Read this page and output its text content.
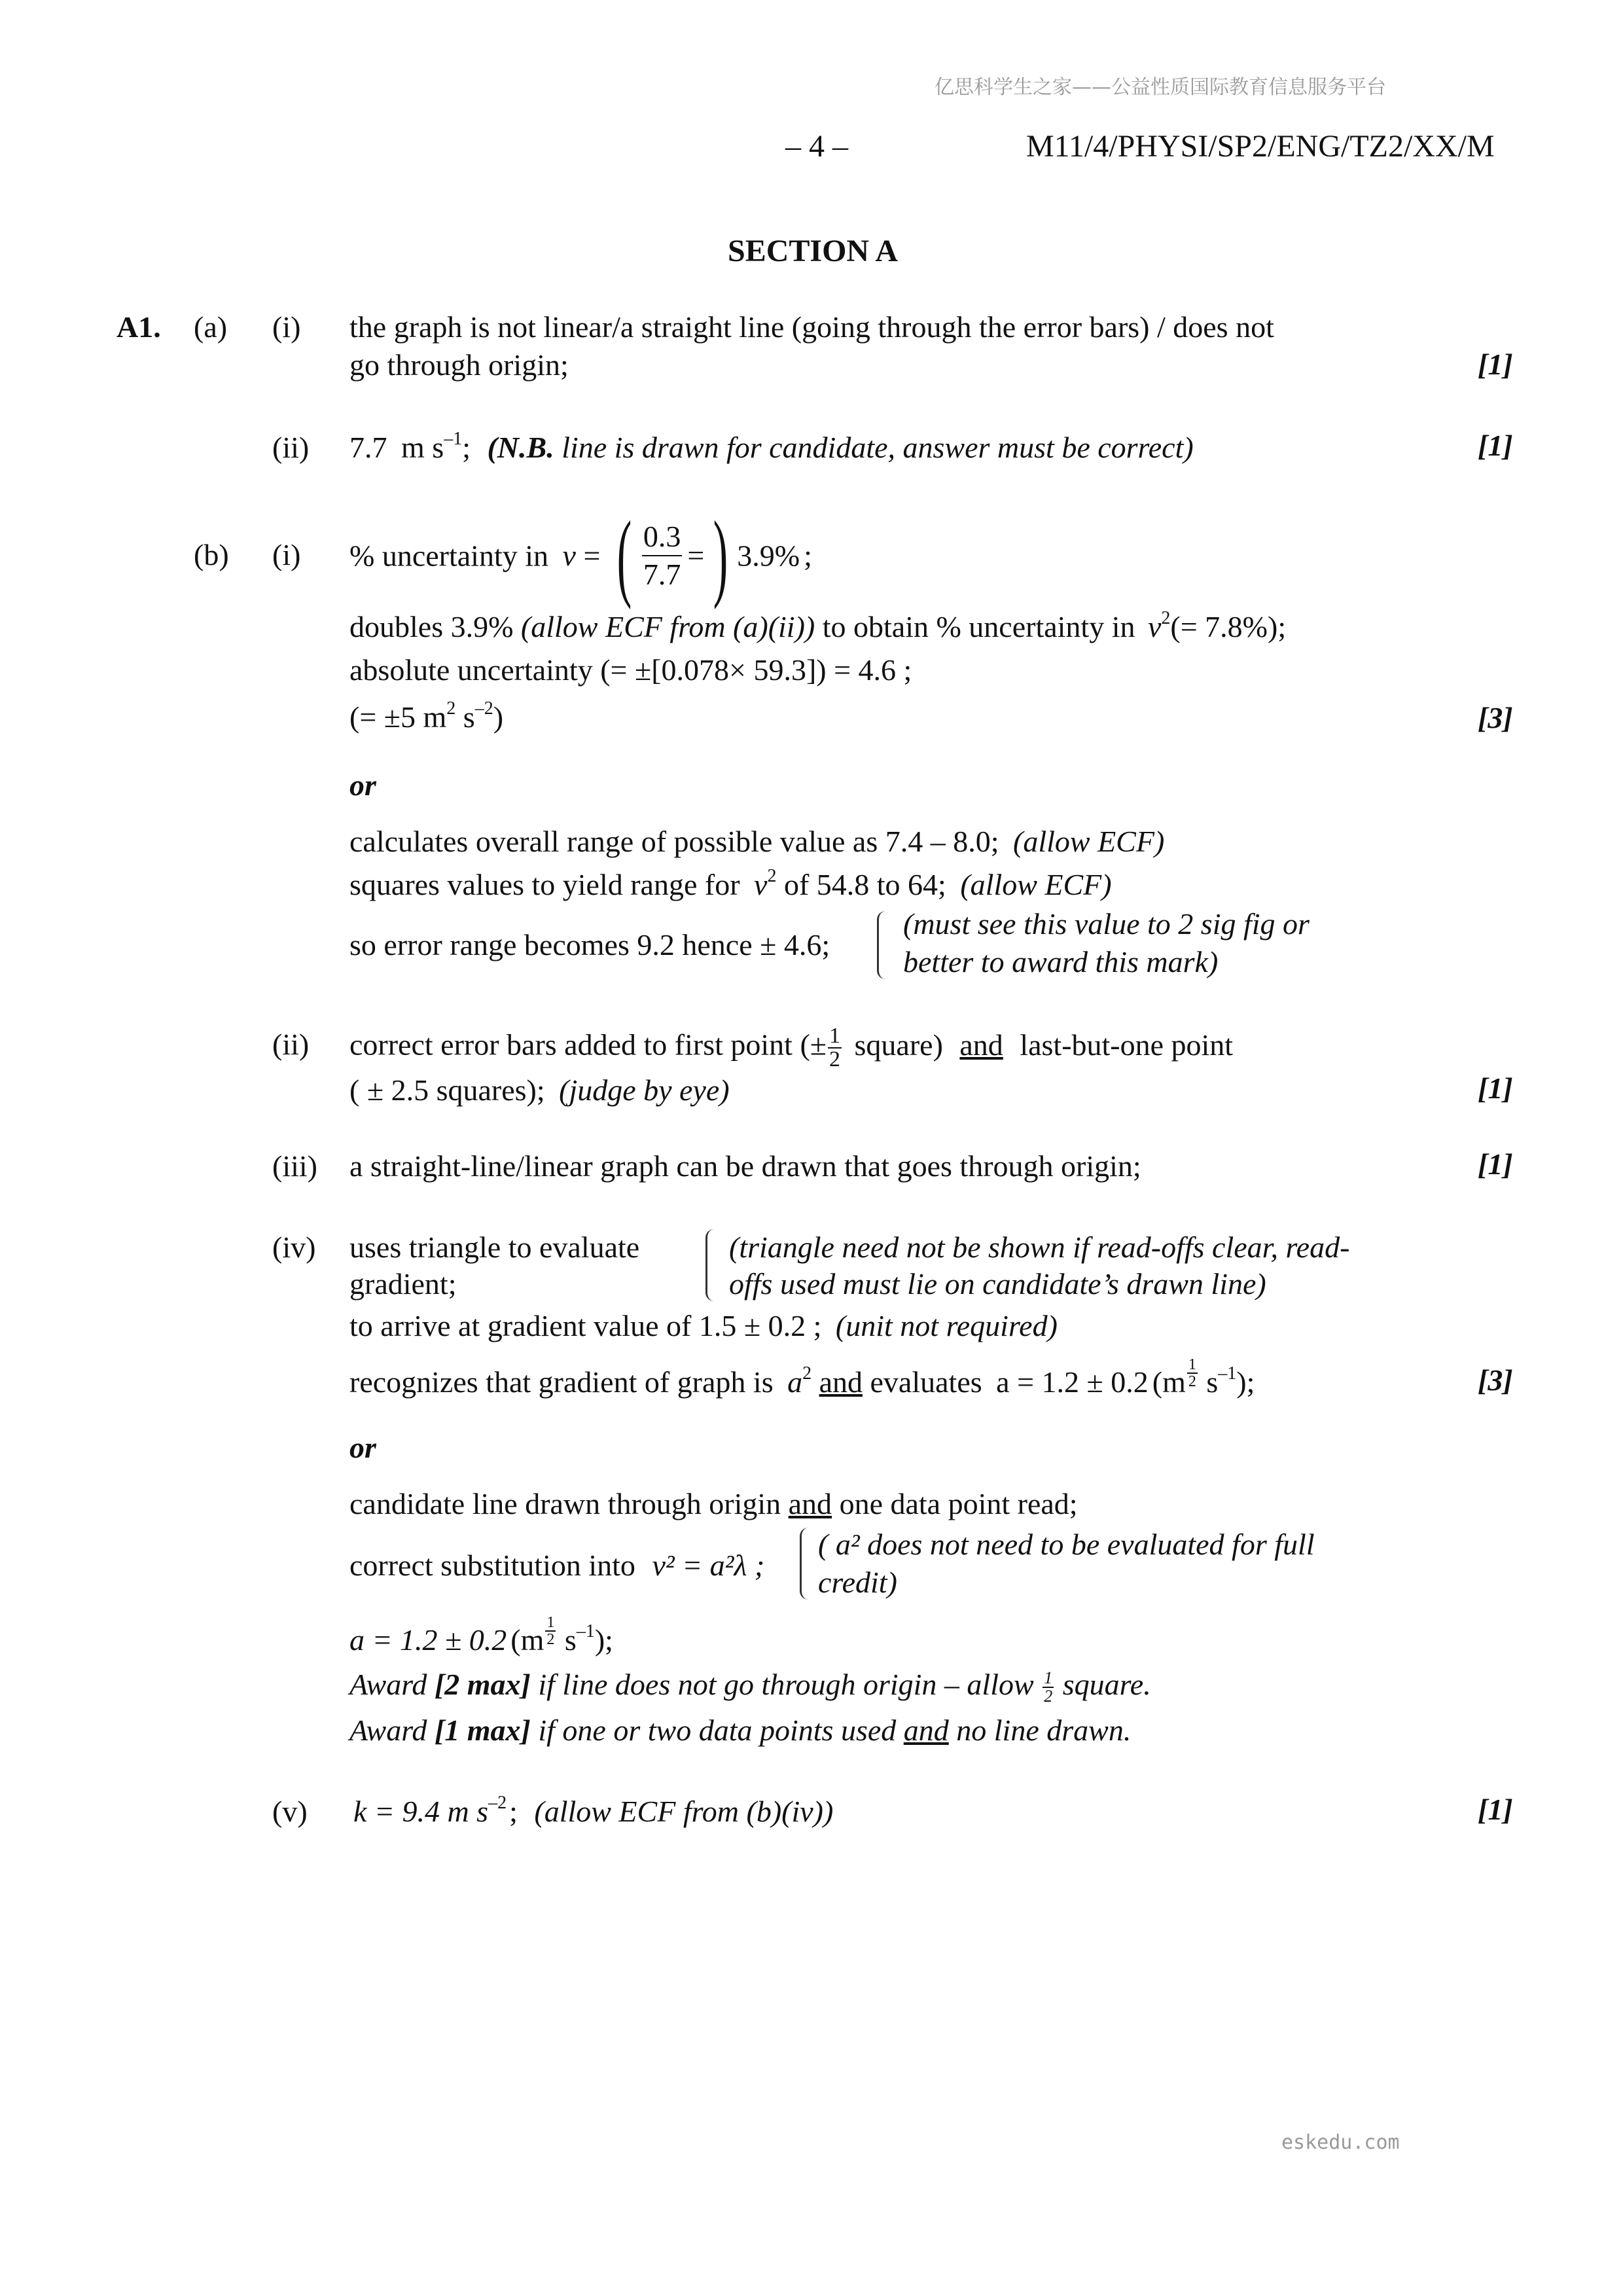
亿思科学生之家——公益性质国际教育信息服务平台
– 4 –	M11/4/PHYSI/SP2/ENG/TZ2/XX/M
SECTION A
A1. (a) (i) the graph is not linear/a straight line (going through the error bars) / does not
go through origin;	[1]
(ii) 7.7 m $s^{-1}$; (N.B. line is drawn for candidate, answer must be correct)	[1]
(b) (i) % uncertainty in v = ( $\frac{0.3}{7.7}$ =) 3.9% ;
doubles 3.9% (allow ECF from (a)(ii)) to obtain % uncertainty in $v^2(= 7.8\%)$;
absolute uncertainty (= ±[0.078× 59.3]) = 4.6 ;
(= ±5 $m^2$ $s^{-2}$)	[3]
or
calculates overall range of possible value as 7.4 – 8.0; (allow ECF)
squares values to yield range for $v^2$ of 54.8 to 64; (allow ECF)
so error range becomes 9.2 hence ± 4.6;
(must see this value to 2 sig fig or
better to award this mark)
(ii) correct error bars added to first point (± $\frac{1}{2}$ square) and last-but-one point
( ± 2.5 squares); (judge by eye)	[1]
(iii) a straight-line/linear graph can be drawn that goes through origin;	[1]
(iv) uses triangle to evaluate
gradient;
(triangle need not be shown if read-offs clear, read-
offs used must lie on candidate’s drawn line)
to arrive at gradient value of 1.5 ± 0.2 ; (unit not required)
recognizes that gradient of graph is $a^2$ and evaluates a = 1.2 ± 0.2 $(m \frac{1}{2} s^{-1})$;	[3]
or
candidate line drawn through origin and one data point read;
correct substitution into v² = a²λ ;
( a² does not need to be evaluated for full
credit)
a = 1.2 ± 0.2 $(m \frac{1}{2} s^{-1})$;
Award [2 max] if line does not go through origin – allow $\frac{1}{2}$ square.
Award [1 max] if one or two data points used and no line drawn.
(v) k = 9.4 m $s^{-2}$; (allow ECF from (b)(iv))	[1]
eskedu.com
